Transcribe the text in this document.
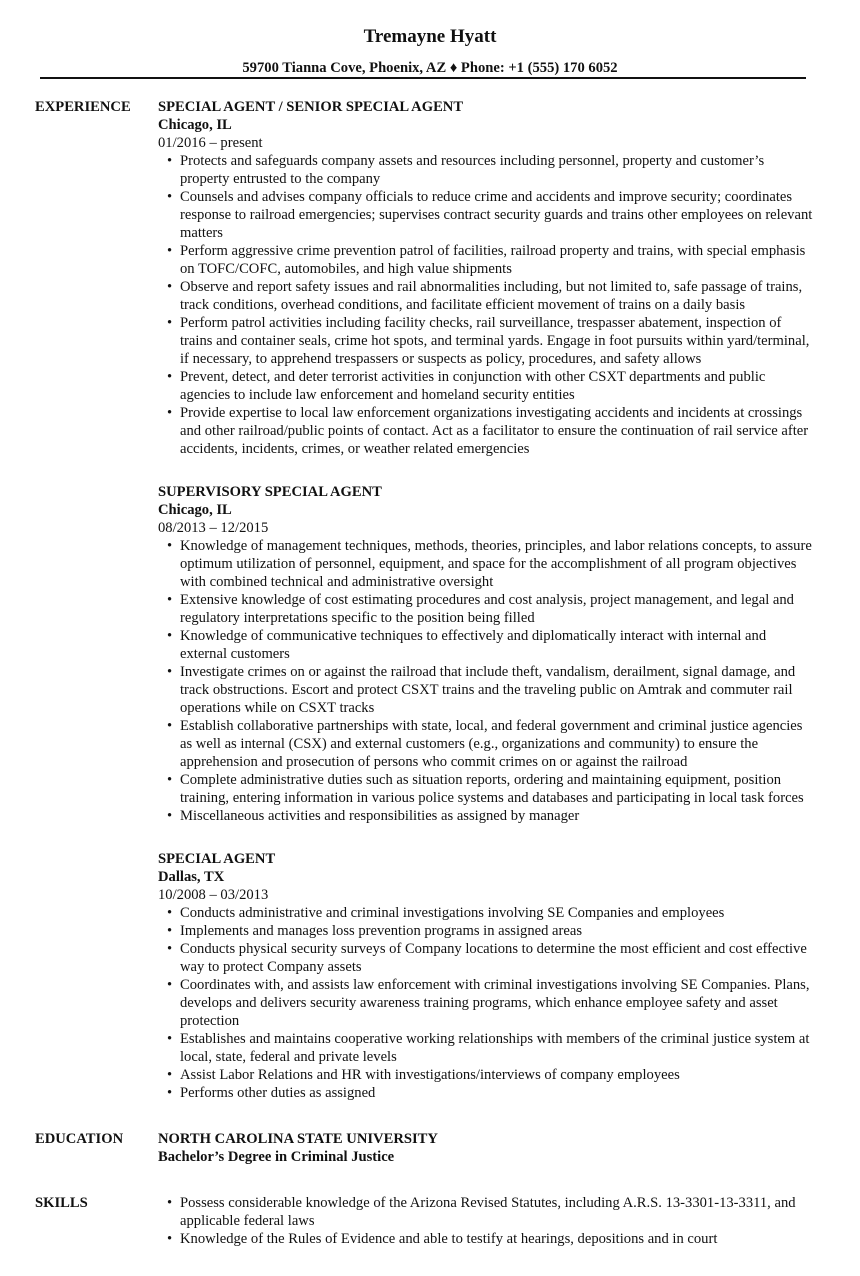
Tremayne Hyatt
59700 Tianna Cove, Phoenix, AZ ♦ Phone: +1 (555) 170 6052
EXPERIENCE	SPECIAL AGENT / SENIOR SPECIAL AGENT
Chicago, IL
01/2016 – present
• Protects and safeguards company assets and resources including personnel, property and customer’s property entrusted to the company
• Counsels and advises company officials to reduce crime and accidents and improve security; coordinates response to railroad emergencies; supervises contract security guards and trains other employees on relevant matters
• Perform aggressive crime prevention patrol of facilities, railroad property and trains, with special emphasis on TOFC/COFC, automobiles, and high value shipments
• Observe and report safety issues and rail abnormalities including, but not limited to, safe passage of trains, track conditions, overhead conditions, and facilitate efficient movement of trains on a daily basis
• Perform patrol activities including facility checks, rail surveillance, trespasser abatement, inspection of trains and container seals, crime hot spots, and terminal yards. Engage in foot pursuits within yard/terminal, if necessary, to apprehend trespassers or suspects as policy, procedures, and safety allows
• Prevent, detect, and deter terrorist activities in conjunction with other CSXT departments and public agencies to include law enforcement and homeland security entities
• Provide expertise to local law enforcement organizations investigating accidents and incidents at crossings and other railroad/public points of contact. Act as a facilitator to ensure the continuation of rail service after accidents, incidents, crimes, or weather related emergencies
SUPERVISORY SPECIAL AGENT
Chicago, IL
08/2013 – 12/2015
• Knowledge of management techniques, methods, theories, principles, and labor relations concepts, to assure optimum utilization of personnel, equipment, and space for the accomplishment of all program objectives with combined technical and administrative oversight
• Extensive knowledge of cost estimating procedures and cost analysis, project management, and legal and regulatory interpretations specific to the position being filled
• Knowledge of communicative techniques to effectively and diplomatically interact with internal and external customers
• Investigate crimes on or against the railroad that include theft, vandalism, derailment, signal damage, and track obstructions. Escort and protect CSXT trains and the traveling public on Amtrak and commuter rail operations while on CSXT tracks
• Establish collaborative partnerships with state, local, and federal government and criminal justice agencies as well as internal (CSX) and external customers (e.g., organizations and community) to ensure the apprehension and prosecution of persons who commit crimes on or against the railroad
• Complete administrative duties such as situation reports, ordering and maintaining equipment, position training, entering information in various police systems and databases and participating in local task forces
• Miscellaneous activities and responsibilities as assigned by manager
SPECIAL AGENT
Dallas, TX
10/2008 – 03/2013
• Conducts administrative and criminal investigations involving SE Companies and employees
• Implements and manages loss prevention programs in assigned areas
• Conducts physical security surveys of Company locations to determine the most efficient and cost effective way to protect Company assets
• Coordinates with, and assists law enforcement with criminal investigations involving SE Companies. Plans, develops and delivers security awareness training programs, which enhance employee safety and asset protection
• Establishes and maintains cooperative working relationships with members of the criminal justice system at local, state, federal and private levels
• Assist Labor Relations and HR with investigations/interviews of company employees
• Performs other duties as assigned
EDUCATION	NORTH CAROLINA STATE UNIVERSITY
Bachelor’s Degree in Criminal Justice
SKILLS	• Possess considerable knowledge of the Arizona Revised Statutes, including A.R.S. 13-3301-13-3311, and applicable federal laws
• Knowledge of the Rules of Evidence and able to testify at hearings, depositions and in court
